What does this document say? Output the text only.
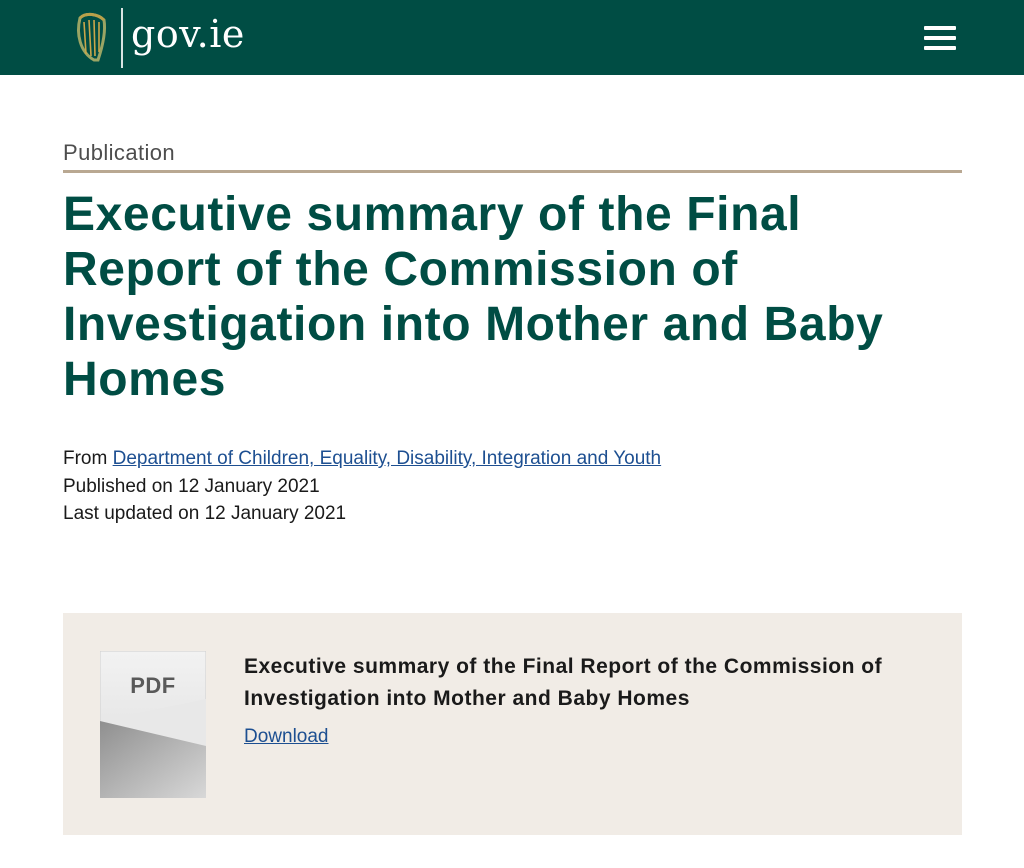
gov.ie

Publication

Executive summary of the Final Report of the Commission of Investigation into Mother and Baby Homes
From Department of Children, Equality, Disability, Integration and Youth
Published on 12 January 2021
Last updated on 12 January 2021
PDF
Executive summary of the Final Report of the Commission of Investigation into Mother and Baby Homes
Download
